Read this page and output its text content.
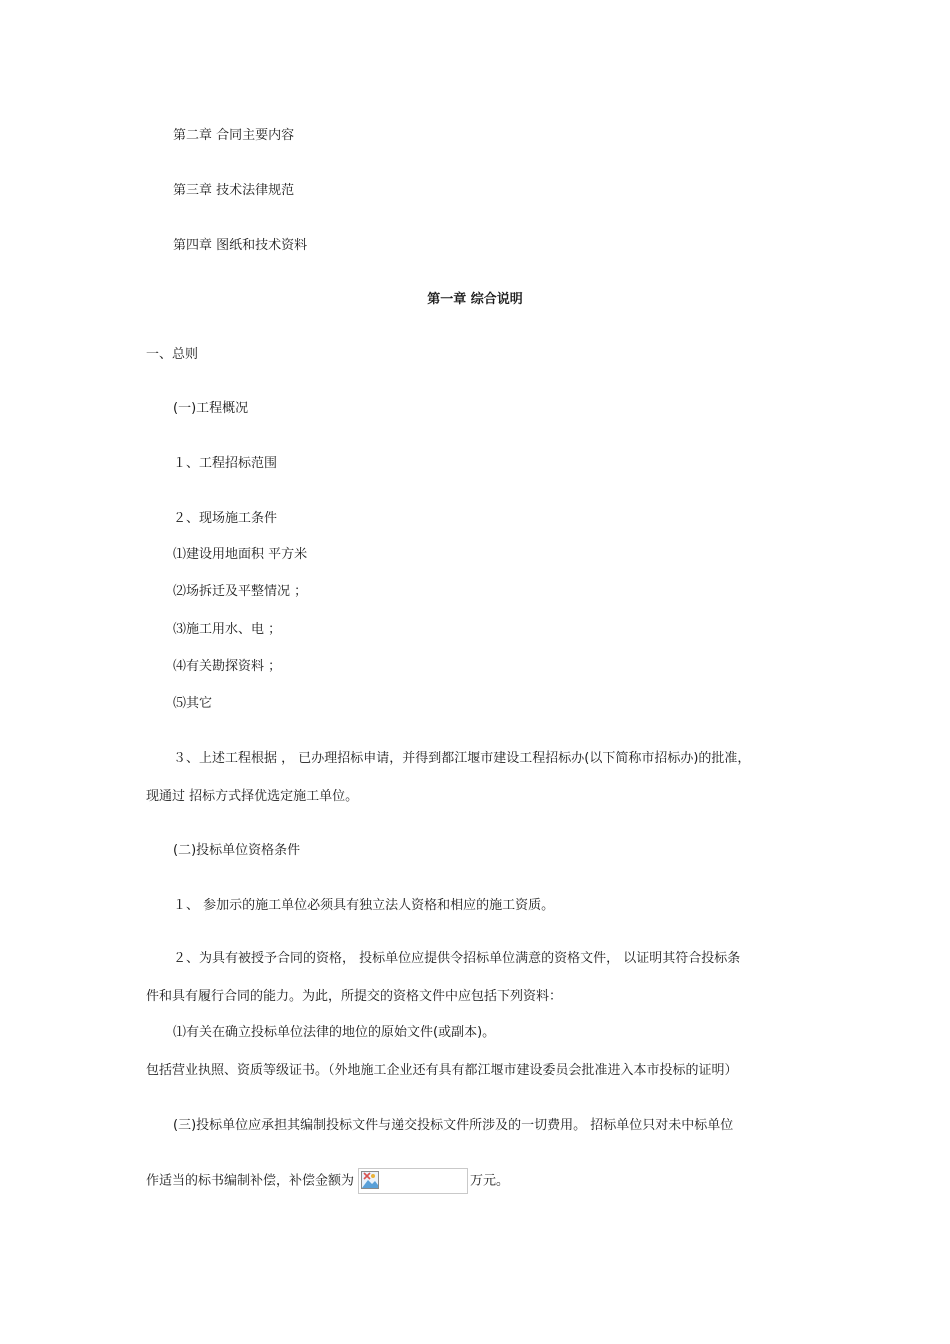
第二章 合同主要内容
第三章 技术法律规范
第四章 图纸和技术资料
第一章 综合说明
一、总则
(一)工程概况
１、工程招标范围
２、现场施工条件
⑴建设用地面积 平方米
⑵场拆迁及平整情况 ；
⑶施工用水、电 ；
⑷有关勘探资料 ；
⑸其它
３、上述工程根据 ， 已办理招标申请，并得到都江堰市建设工程招标办(以下简称市招标办)的批准，
现通过 招标方式择优选定施工单位。
(二)投标单位资格条件
１、 参加示的施工单位必须具有独立法人资格和相应的施工资质。
２、为具有被授予合同的资格， 投标单位应提供令招标单位满意的资格文件， 以证明其符合投标条
件和具有履行合同的能力。为此，所提交的资格文件中应包括下列资料：
⑴有关在确立投标单位法律的地位的原始文件(或副本)。
包括营业执照、资质等级证书。（外地施工企业还有具有都江堰市建设委员会批准进入本市投标的证明）
(三)投标单位应承担其编制投标文件与递交投标文件所涉及的一切费用。 招标单位只对未中标单位
作适当的标书编制补偿，补偿金额为	万元。
